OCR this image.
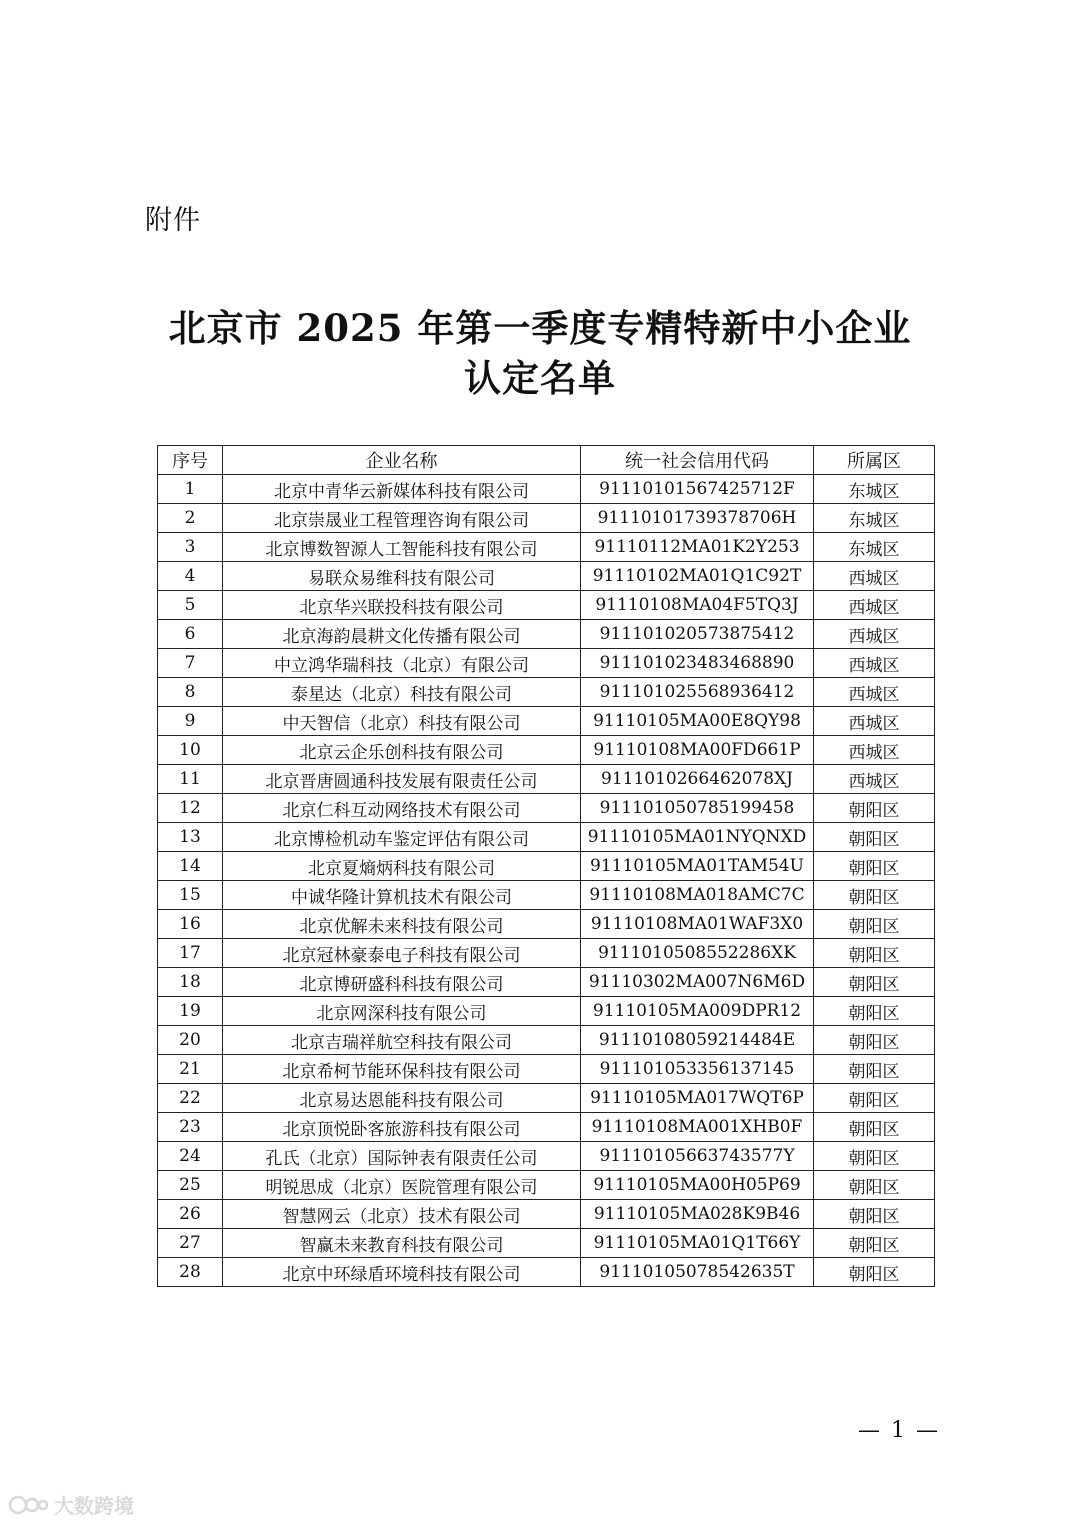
附件
北京市 2025 年第一季度专精特新中小企业
认定名单
序号	企业名称	统一社会信用代码	所属区
1	北京中青华云新媒体科技有限公司	91110101567425712F	东城区
2	北京崇晟业工程管理咨询有限公司	91110101739378706H	东城区
3	北京博数智源人工智能科技有限公司	91110112MA01K2Y253	东城区
4	易联众易维科技有限公司	91110102MA01Q1C92T	西城区
5	北京华兴联投科技有限公司	91110108MA04F5TQ3J	西城区
6	北京海韵晨耕文化传播有限公司	911101020573875412	西城区
7	中立鸿华瑞科技（北京）有限公司	911101023483468890	西城区
8	泰星达（北京）科技有限公司	911101025568936412	西城区
9	中天智信（北京）科技有限公司	91110105MA00E8QY98	西城区
10	北京云企乐创科技有限公司	91110108MA00FD661P	西城区
11	北京晋唐圆通科技发展有限责任公司	9111010266462078XJ	西城区
12	北京仁科互动网络技术有限公司	911101050785199458	朝阳区
13	北京博检机动车鉴定评估有限公司	91110105MA01NYQNXD	朝阳区
14	北京夏熵炳科技有限公司	91110105MA01TAM54U	朝阳区
15	中诚华隆计算机技术有限公司	91110108MA018AMC7C	朝阳区
16	北京优解未来科技有限公司	91110108MA01WAF3X0	朝阳区
17	北京冠林豪泰电子科技有限公司	9111010508552286XK	朝阳区
18	北京博研盛科科技有限公司	91110302MA007N6M6D	朝阳区
19	北京网深科技有限公司	91110105MA009DPR12	朝阳区
20	北京吉瑞祥航空科技有限公司	91110108059214484E	朝阳区
21	北京希柯节能环保科技有限公司	911101053356137145	朝阳区
22	北京易达恩能科技有限公司	91110105MA017WQT6P	朝阳区
23	北京顶悦卧客旅游科技有限公司	91110108MA001XHB0F	朝阳区
24	孔氏（北京）国际钟表有限责任公司	91110105663743577Y	朝阳区
25	明锐思成（北京）医院管理有限公司	91110105MA00H05P69	朝阳区
26	智慧网云（北京）技术有限公司	91110105MA028K9B46	朝阳区
27	智赢未来教育科技有限公司	91110105MA01Q1T66Y	朝阳区
28	北京中环绿盾环境科技有限公司	91110105078542635T	朝阳区
— 1 —
大数跨境
